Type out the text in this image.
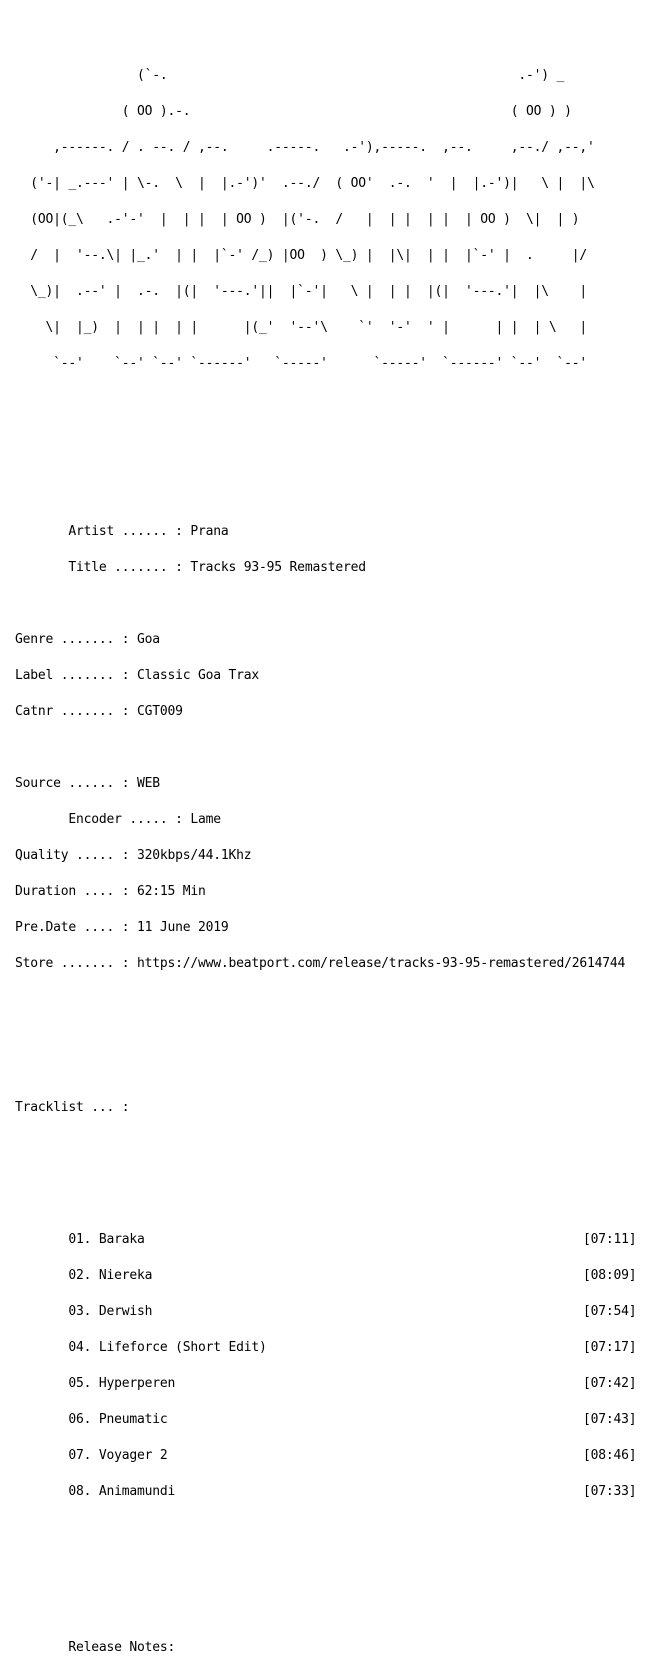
(`-.                                              .-') _

( OO ).-.                                          ( OO ) )

,------. / . --. / ,--.     .-----.   .-'),-----.  ,--.     ,--./ ,--,'

('-| _.---' | \-.  \  |  |.-')'  .--./  ( OO'  .-.  '  |  |.-')|   \ |  |\

(OO|(_\   .-'-'  |  | |  | OO )  |('-.  /   |  | |  | |  | OO )  \|  | )

/  |  '--.\| |_.'  | |  |`-' /_) |OO  ) \_) |  |\|  | |  |`-' |  .     |/

\_)|  .--' |  .-.  |(|  '---.'||  |`-'|   \ |  | |  |(|  '---.'|  |\    |

\|  |_)  |  | |  | |      |(_'  '--'\    `'  '-'  ' |      | |  | \   |

`--'    `--' `--' `------'   `-----'      `-----'  `------' `--'  `--'

Artist ...... : Prana

Title ....... : Tracks 93-95 Remastered

Genre ....... : Goa

Label ....... : Classic Goa Trax

Catnr ....... : CGT009

Source ...... : WEB

Encoder ..... : Lame

Quality ..... : 320kbps/44.1Khz

Duration .... : 62:15 Min

Pre.Date .... : 11 June 2019

Store ....... : https://www.beatport.com/release/tracks-93-95-remastered/2614744

Tracklist ... :

01. Baraka	[07:11]

02. Niereka	[08:09]

03. Derwish	[07:54]

04. Lifeforce (Short Edit)	[07:17]

05. Hyperperen	[07:42]

06. Pneumatic	[07:43]

07. Voyager 2	[08:46]

08. Animamundi	[07:33]

Release Notes:
